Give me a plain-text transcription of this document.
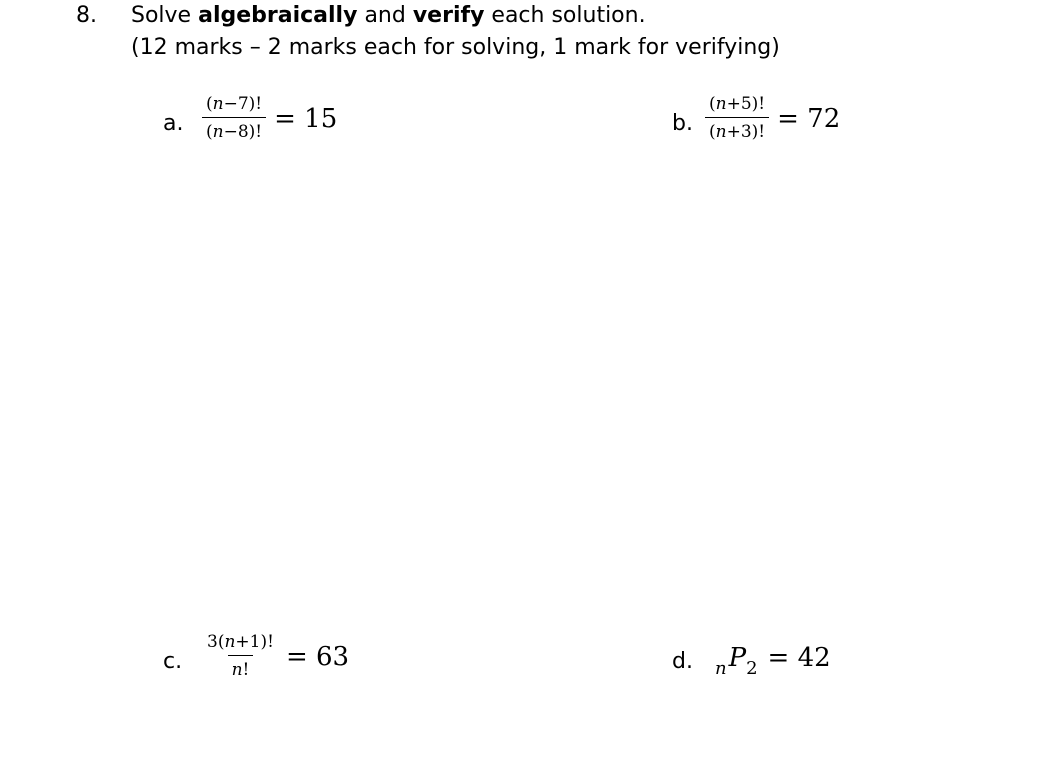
8. Solve algebraically and verify each solution.
(12 marks – 2 marks each for solving, 1 mark for verifying)
a. $\frac{(n-7)!}{(n-8)!} = 15$	b. $\frac{(n+5)!}{(n+3)!} = 72$
c. $\frac{3(n+1)!}{n!} = 63$	d. n P 2 = 42
